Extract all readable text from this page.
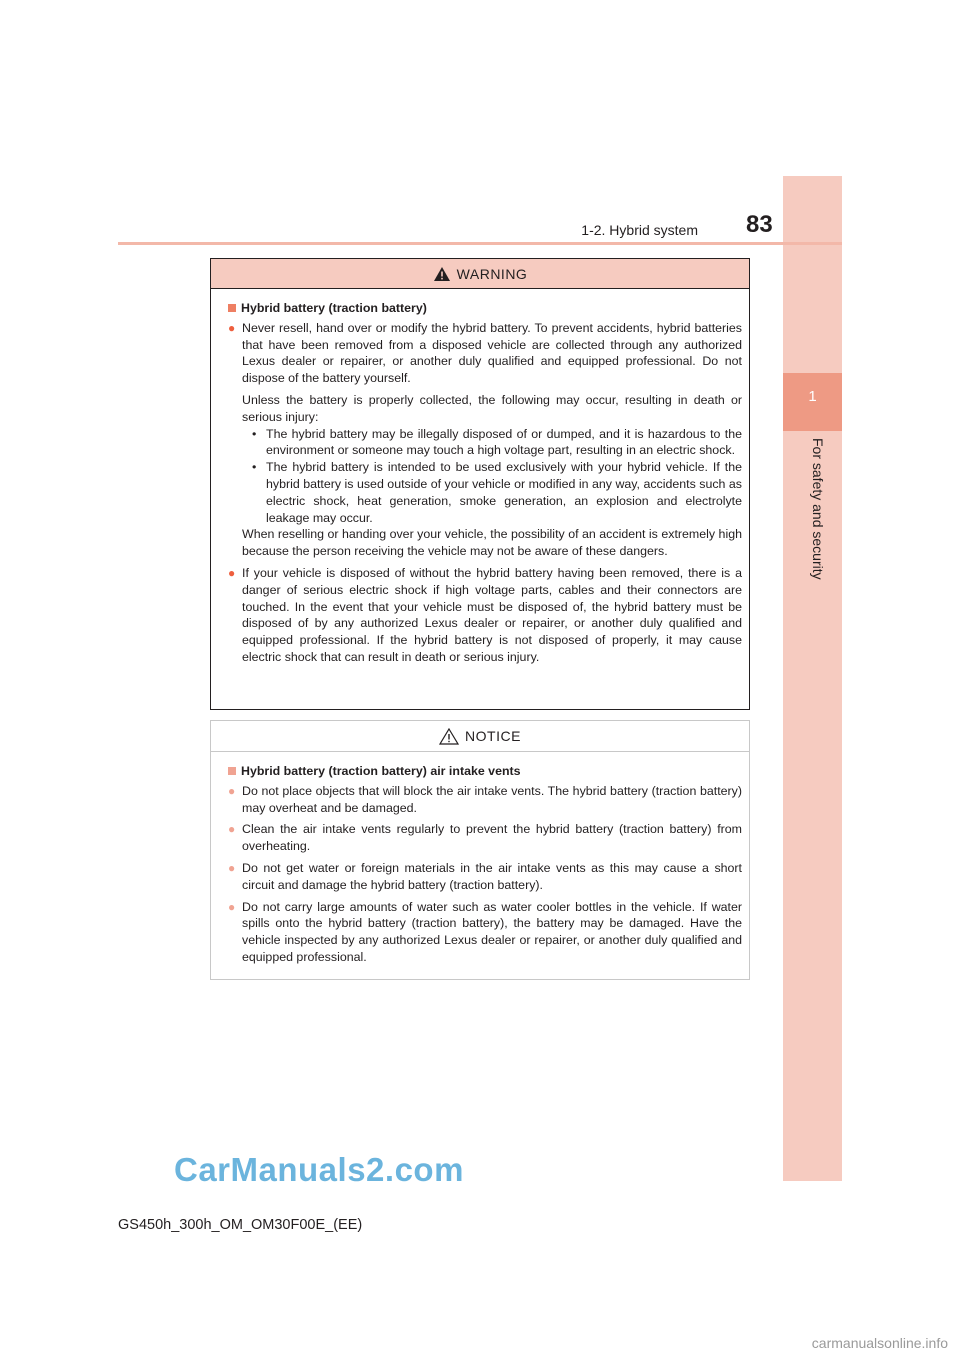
1
For safety and security
1-2. Hybrid system 83
WARNING
Hybrid battery (traction battery)
● Never resell, hand over or modify the hybrid battery. To prevent accidents, hybrid batteries that have been removed from a disposed vehicle are collected through any authorized Lexus dealer or repairer, or another duly qualified and equipped professional. Do not dispose of the battery yourself.
Unless the battery is properly collected, the following may occur, resulting in death or serious injury:
• The hybrid battery may be illegally disposed of or dumped, and it is hazardous to the environment or someone may touch a high voltage part, resulting in an electric shock.
• The hybrid battery is intended to be used exclusively with your hybrid vehicle. If the hybrid battery is used outside of your vehicle or modified in any way, accidents such as electric shock, heat generation, smoke generation, an explosion and electrolyte leakage may occur.
When reselling or handing over your vehicle, the possibility of an accident is extremely high because the person receiving the vehicle may not be aware of these dangers.
● If your vehicle is disposed of without the hybrid battery having been removed, there is a danger of serious electric shock if high voltage parts, cables and their connectors are touched. In the event that your vehicle must be disposed of, the hybrid battery must be disposed of by any authorized Lexus dealer or repairer, or another duly qualified and equipped professional. If the hybrid battery is not disposed of properly, it may cause electric shock that can result in death or serious injury.
NOTICE
Hybrid battery (traction battery) air intake vents
● Do not place objects that will block the air intake vents. The hybrid battery (traction battery) may overheat and be damaged.
● Clean the air intake vents regularly to prevent the hybrid battery (traction battery) from overheating.
● Do not get water or foreign materials in the air intake vents as this may cause a short circuit and damage the hybrid battery (traction battery).
● Do not carry large amounts of water such as water cooler bottles in the vehicle. If water spills onto the hybrid battery (traction battery), the battery may be damaged. Have the vehicle inspected by any authorized Lexus dealer or repairer, or another duly qualified and equipped professional.
CarManuals2.com
GS450h_300h_OM_OM30F00E_(EE)
carmanualsonline.info
